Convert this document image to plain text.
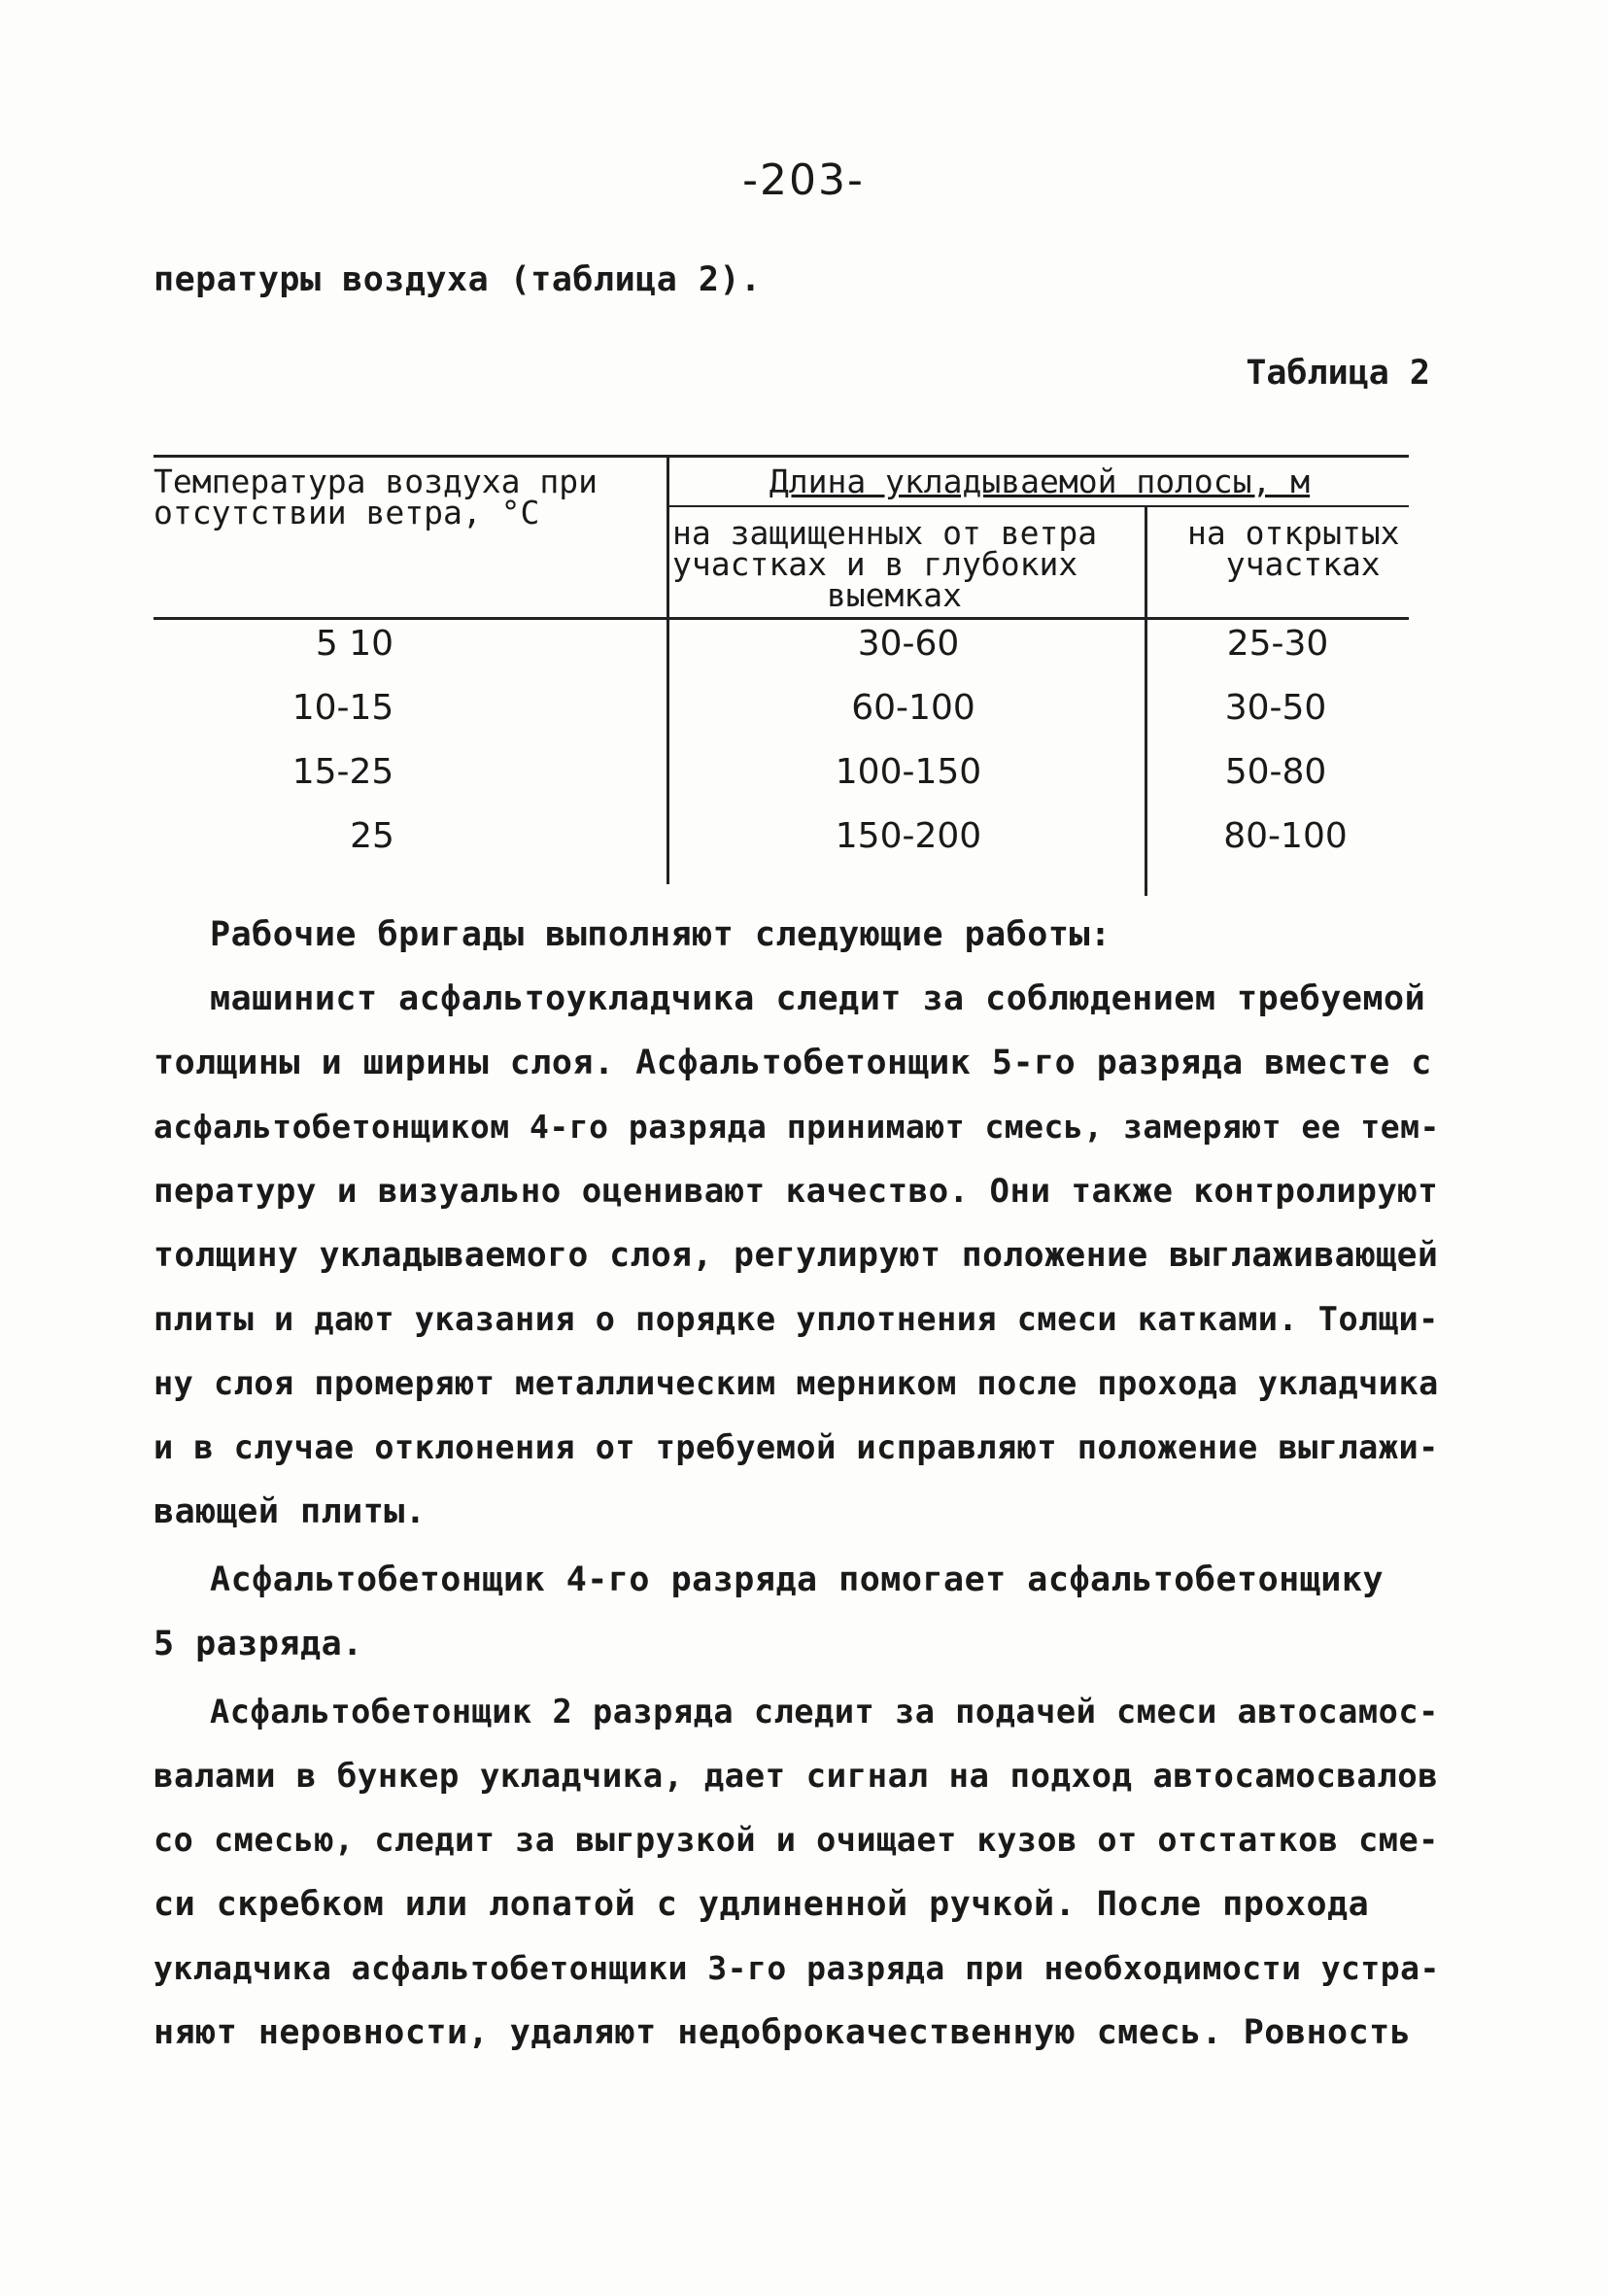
-203-
пературы воздуха (таблица 2).
Таблица 2
Температура воздуха при
отсутствии ветра, °С
Длина укладываемой полосы, м
на защищенных от ветра
участках и в глубоких
выемках
на открытых
участках
5 10	30-60	25-30
10-15	60-100	30-50
15-25	100-150	50-80
25	150-200	80-100
Рабочие бригады выполняют следующие работы:
машинист асфальтоукладчика следит за соблюдением требуемой
толщины и ширины слоя. Асфальтобетонщик 5-го разряда вместе с
асфальтобетонщиком 4-го разряда принимают смесь, замеряют ее тем-
пературу и визуально оценивают качество. Они также контролируют
толщину укладываемого слоя, регулируют положение выглаживающей
плиты и дают указания о порядке уплотнения смеси катками. Толщи-
ну слоя промеряют металлическим мерником после прохода укладчика
и в случае отклонения от требуемой исправляют положение выглажи-
вающей плиты.
Асфальтобетонщик 4-го разряда помогает асфальтобетонщику
5 разряда.
Асфальтобетонщик 2 разряда следит за подачей смеси автосамос-
валами в бункер укладчика, дает сигнал на подход автосамосвалов
со смесью, следит за выгрузкой и очищает кузов от отстатков сме-
си скребком или лопатой с удлиненной ручкой. После прохода
укладчика асфальтобетонщики 3-го разряда при необходимости устра-
няют неровности, удаляют недоброкачественную смесь. Ровность
